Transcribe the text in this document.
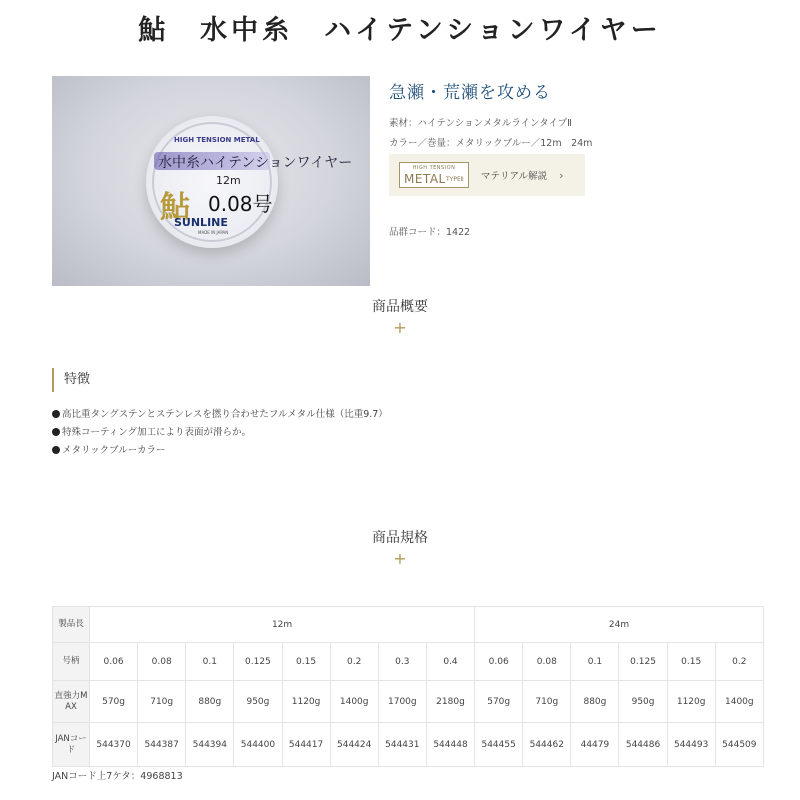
鮎　水中糸　ハイテンションワイヤー
HIGH TENSION METAL
水中糸ハイテンションワイヤー
鮎
12m
0.08号
SUNLINE
MADE IN JAPAN
急瀬・荒瀬を攻める
素材：ハイテンションメタルラインタイプⅡ
カラー／巻量：メタリックブルー／12m　24m
HIGH TENSION
METAL TYPEⅡ マテリアル解説 ›
品群コード：1422
商品概要
+
特徴
高比重タングステンとステンレスを撚り合わせたフルメタル仕様（比重9.7）
特殊コーティング加工により表面が滑らか。
メタリックブルーカラー
商品規格
+
製品長	12m								24m					
号柄	0.06	0.08	0.1	0.125	0.15	0.2	0.3	0.4	0.06	0.08	0.1	0.125	0.15	0.2
直強力MAX	570g	710g	880g	950g	1120g	1400g	1700g	2180g	570g	710g	880g	950g	1120g	1400g
JANコード	544370	544387	544394	544400	544417	544424	544431	544448	544455	544462	44479	544486	544493	544509
JANコード上7ケタ：4968813
